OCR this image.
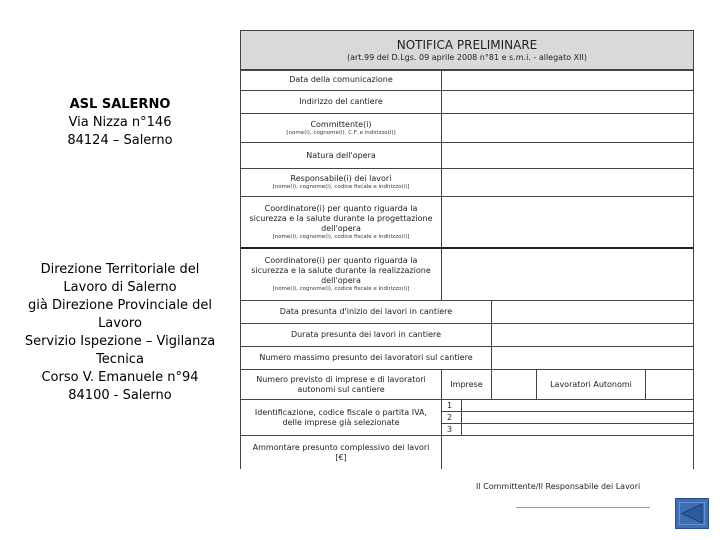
ASL SALERNO
Via Nizza n°146
84124 – Salerno
Direzione Territoriale del Lavoro di Salerno
già Direzione Provinciale del Lavoro
Servizio Ispezione – Vigilanza Tecnica
Corso V. Emanuele n°94
84100 - Salerno
NOTIFICA PRELIMINARE
(art.99 del D.Lgs. 09 aprile 2008 n°81 e s.m.i. - allegato XII)
Data della comunicazione
Indirizzo del cantiere
Committente(i)
[nome(i), cognome(i), C.F. e indirizzo(i)]
Natura dell'opera
Responsabile(i) dei lavori
[nome(i), cognome(i), codice fiscale e indirizzo(i)]
Coordinatore(i) per quanto riguarda la sicurezza e la salute durante la progettazione dell'opera
[nome(i), cognome(i), codice fiscale e indirizzo(i)]
Coordinatore(i) per quanto riguarda la sicurezza e la salute durante la realizzazione dell'opera
[nome(i), cognome(i), codice fiscale e indirizzo(i)]
Data presunta d'inizio dei lavori in cantiere
Durata presunta dei lavori in cantiere
Numero massimo presunto dei lavoratori sul cantiere
Numero previsto di imprese e di lavoratori autonomi sul cantiere
Imprese	Lavoratori Autonomi
Identificazione, codice fiscale o partita IVA, delle imprese già selezionate
1
2
3
Ammontare presunto complessivo dei lavori [€]
Il Committente/Il Responsabile dei Lavori
